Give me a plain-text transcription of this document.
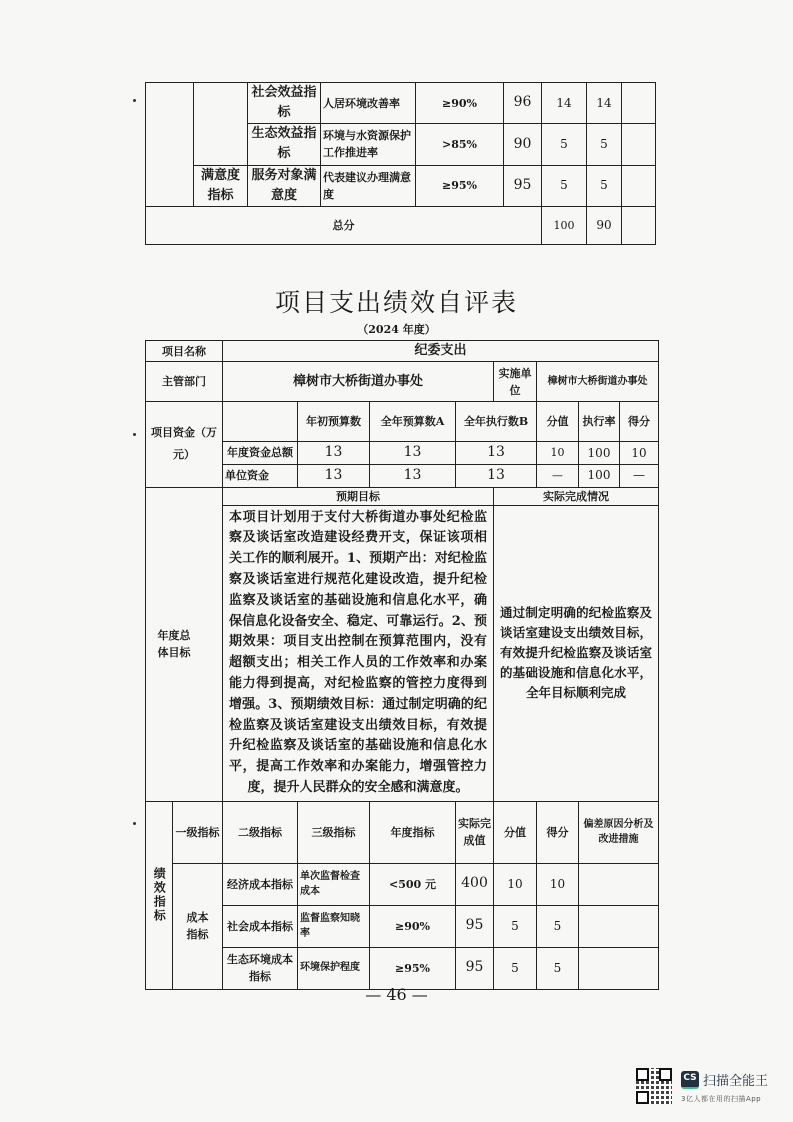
		社会效益指标	人居环境改善率	≥90%	96	14	14	
		生态效益指标	环境与水资源保护工作推进率	>85%	90	5	5	
	满意度指标	服务对象满意度	代表建议办理满意度	≥95%	95	5	5	
总分						100	90	
项目支出绩效自评表
（2024 年度）
项目名称		纪委支出							
主管部门		樟树市大桥街道办事处				实施单位	樟树市大桥街道办事处		
项目资金（万元）			年初预算数	全年预算数A	全年执行数B		分值	执行率	得分
		年度资金总额	13	13	13		10	100	10
		单位资金	13	13	13		—	100	—
年度总体目标		预期目标				实际完成情况			
		本项目计划用于支付大桥街道办事处纪检监察及谈话室改造建设经费开支，保证该项相关工作的顺利展开。1、预期产出：对纪检监察及谈话室进行规范化建设改造，提升纪检监察及谈话室的基础设施和信息化水平，确保信息化设备安全、稳定、可靠运行。2、预期效果：项目支出控制在预算范围内，没有超额支出；相关工作人员的工作效率和办案能力得到提高，对纪检监察的管控力度得到增强。3、预期绩效目标：通过制定明确的纪检监察及谈话室建设支出绩效目标，有效提升纪检监察及谈话室的基础设施和信息化水平，提高工作效率和办案能力，增强管控力度，提升人民群众的安全感和满意度。				通过制定明确的纪检监察及谈话室建设支出绩效目标，有效提升纪检监察及谈话室的基础设施和信息化水平，全年目标顺利完成			

绩效指标	一级指标	二级指标	三级指标	年度指标	实际完成值	分值	得分	偏差原因分析及改进措施	
	成本指标	经济成本指标	单次监督检查成本	<500 元	400	10	10		
		社会成本指标	监督监察知晓率	≥90%	95	5	5		
		生态环境成本指标	环境保护程度	≥95%	95	5	5		
— 46 —
CS 扫描全能王
3亿人都在用的扫描App
